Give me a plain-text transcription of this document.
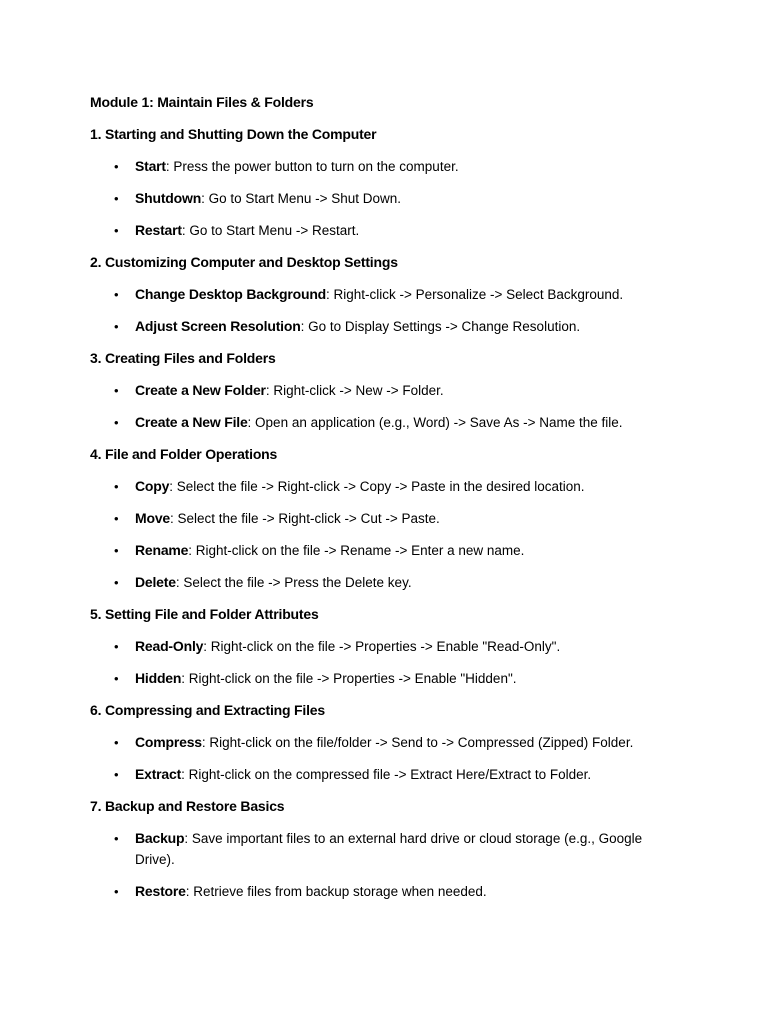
Module 1: Maintain Files & Folders
1. Starting and Shutting Down the Computer
• Start: Press the power button to turn on the computer.
• Shutdown: Go to Start Menu -> Shut Down.
• Restart: Go to Start Menu -> Restart.
2. Customizing Computer and Desktop Settings
• Change Desktop Background: Right-click -> Personalize -> Select Background.
• Adjust Screen Resolution: Go to Display Settings -> Change Resolution.
3. Creating Files and Folders
• Create a New Folder: Right-click -> New -> Folder.
• Create a New File: Open an application (e.g., Word) -> Save As -> Name the file.
4. File and Folder Operations
• Copy: Select the file -> Right-click -> Copy -> Paste in the desired location.
• Move: Select the file -> Right-click -> Cut -> Paste.
• Rename: Right-click on the file -> Rename -> Enter a new name.
• Delete: Select the file -> Press the Delete key.
5. Setting File and Folder Attributes
• Read-Only: Right-click on the file -> Properties -> Enable "Read-Only".
• Hidden: Right-click on the file -> Properties -> Enable "Hidden".
6. Compressing and Extracting Files
• Compress: Right-click on the file/folder -> Send to -> Compressed (Zipped) Folder.
• Extract: Right-click on the compressed file -> Extract Here/Extract to Folder.
7. Backup and Restore Basics
• Backup: Save important files to an external hard drive or cloud storage (e.g., Google Drive).
• Restore: Retrieve files from backup storage when needed.
